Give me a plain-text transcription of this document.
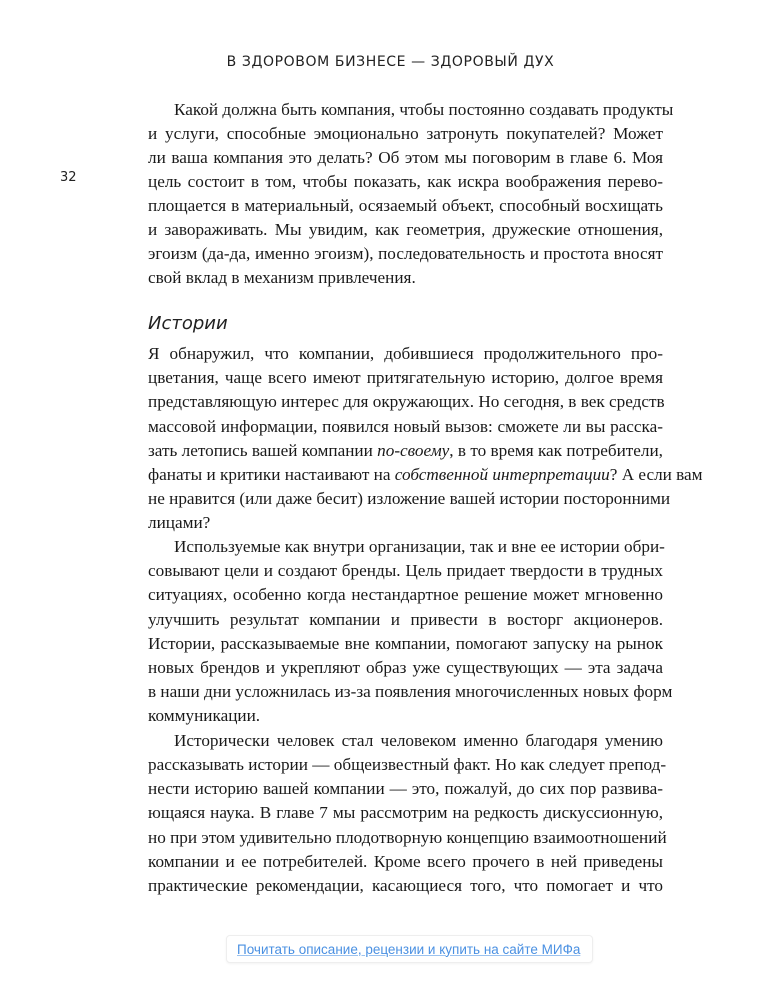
В ЗДОРОВОМ БИЗНЕСЕ — ЗДОРОВЫЙ ДУХ
32
Истории
Какой должна быть компания, чтобы постоянно создавать продукты
и услуги, способные эмоционально затронуть покупателей? Может
ли ваша компания это делать? Об этом мы поговорим в главе 6. Моя
цель состоит в том, чтобы показать, как искра воображения перево-
площается в материальный, осязаемый объект, способный восхищать
и завораживать. Мы увидим, как геометрия, дружеские отношения,
эгоизм (да-да, именно эгоизм), последовательность и простота вносят
свой вклад в механизм привлечения.
Я обнаружил, что компании, добившиеся продолжительного про-
цветания, чаще всего имеют притягательную историю, долгое время
представляющую интерес для окружающих. Но сегодня, в век средств
массовой информации, появился новый вызов: сможете ли вы расска-
зать летопись вашей компании по-своему, в то время как потребители,
фанаты и критики настаивают на собственной интерпретации? А если вам
не нравится (или даже бесит) изложение вашей истории посторонними
лицами?
Используемые как внутри организации, так и вне ее истории обри-
совывают цели и создают бренды. Цель придает твердости в трудных
ситуациях, особенно когда нестандартное решение может мгновенно
улучшить результат компании и привести в восторг акционеров.
Истории, рассказываемые вне компании, помогают запуску на рынок
новых брендов и укрепляют образ уже существующих — эта задача
в наши дни усложнилась из-за появления многочисленных новых форм
коммуникации.
Исторически человек стал человеком именно благодаря умению
рассказывать истории — общеизвестный факт. Но как следует препод-
нести историю вашей компании — это, пожалуй, до сих пор развива-
ющаяся наука. В главе 7 мы рассмотрим на редкость дискуссионную,
но при этом удивительно плодотворную концепцию взаимоотношений
компании и ее потребителей. Кроме всего прочего в ней приведены
практические рекомендации, касающиеся того, что помогает и что
Почитать описание, рецензии и купить на сайте МИФа
